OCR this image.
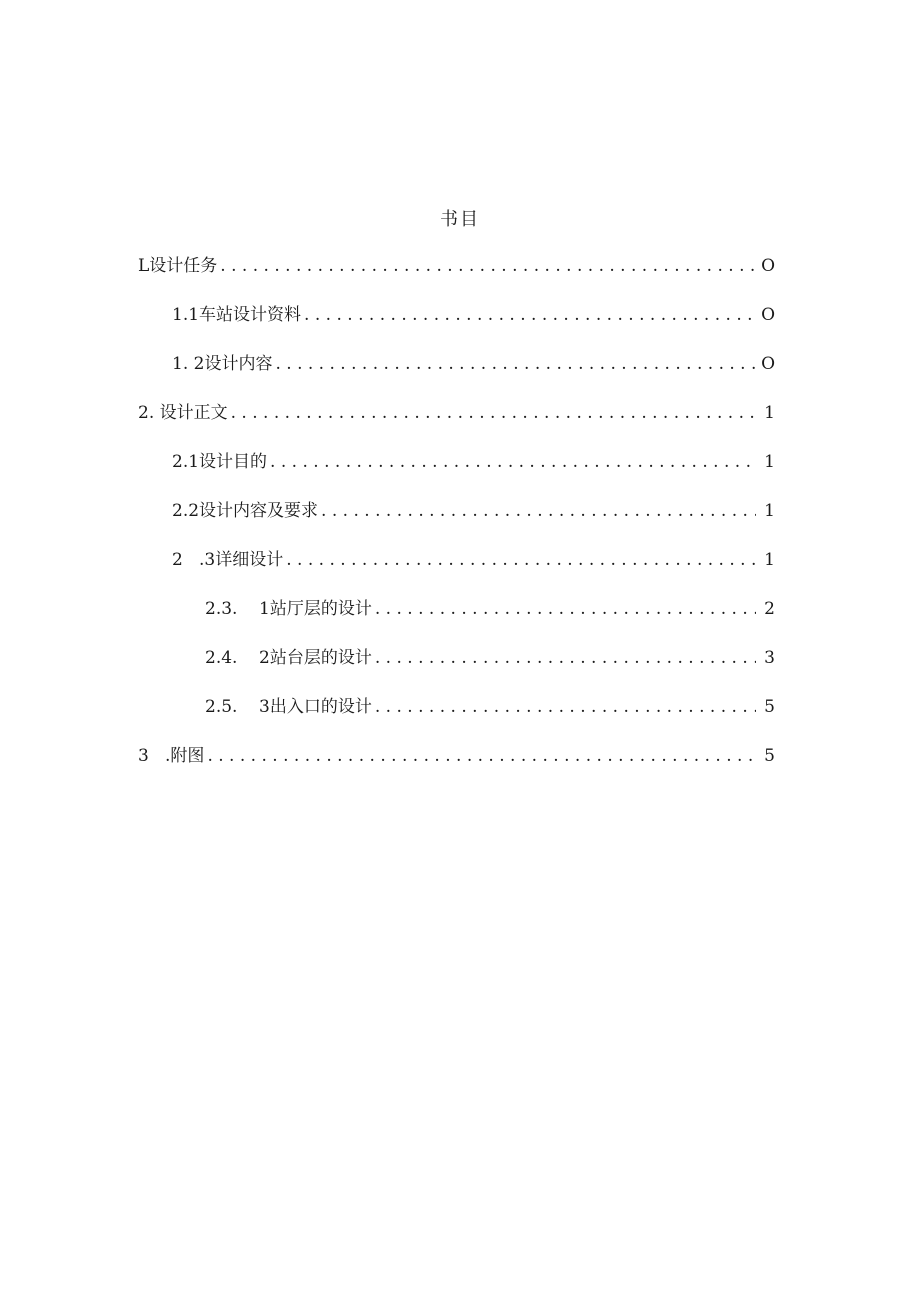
书目
L设计任务 . . .	O
1.1车站设计资料 . . .	O
1. 2设计内容 . . .	O
2. 设计正文 . . .	1
2.1设计目的 . . .	1
2.2设计内容及要求 . . .	1
2   .3详细设计 . . .	1
2.3.    1站厅层的设计 . . .	2
2.4.    2站台层的设计 . . .	3
2.5.    3出入口的设计 . . .	5
3   .附图 . . .	5
